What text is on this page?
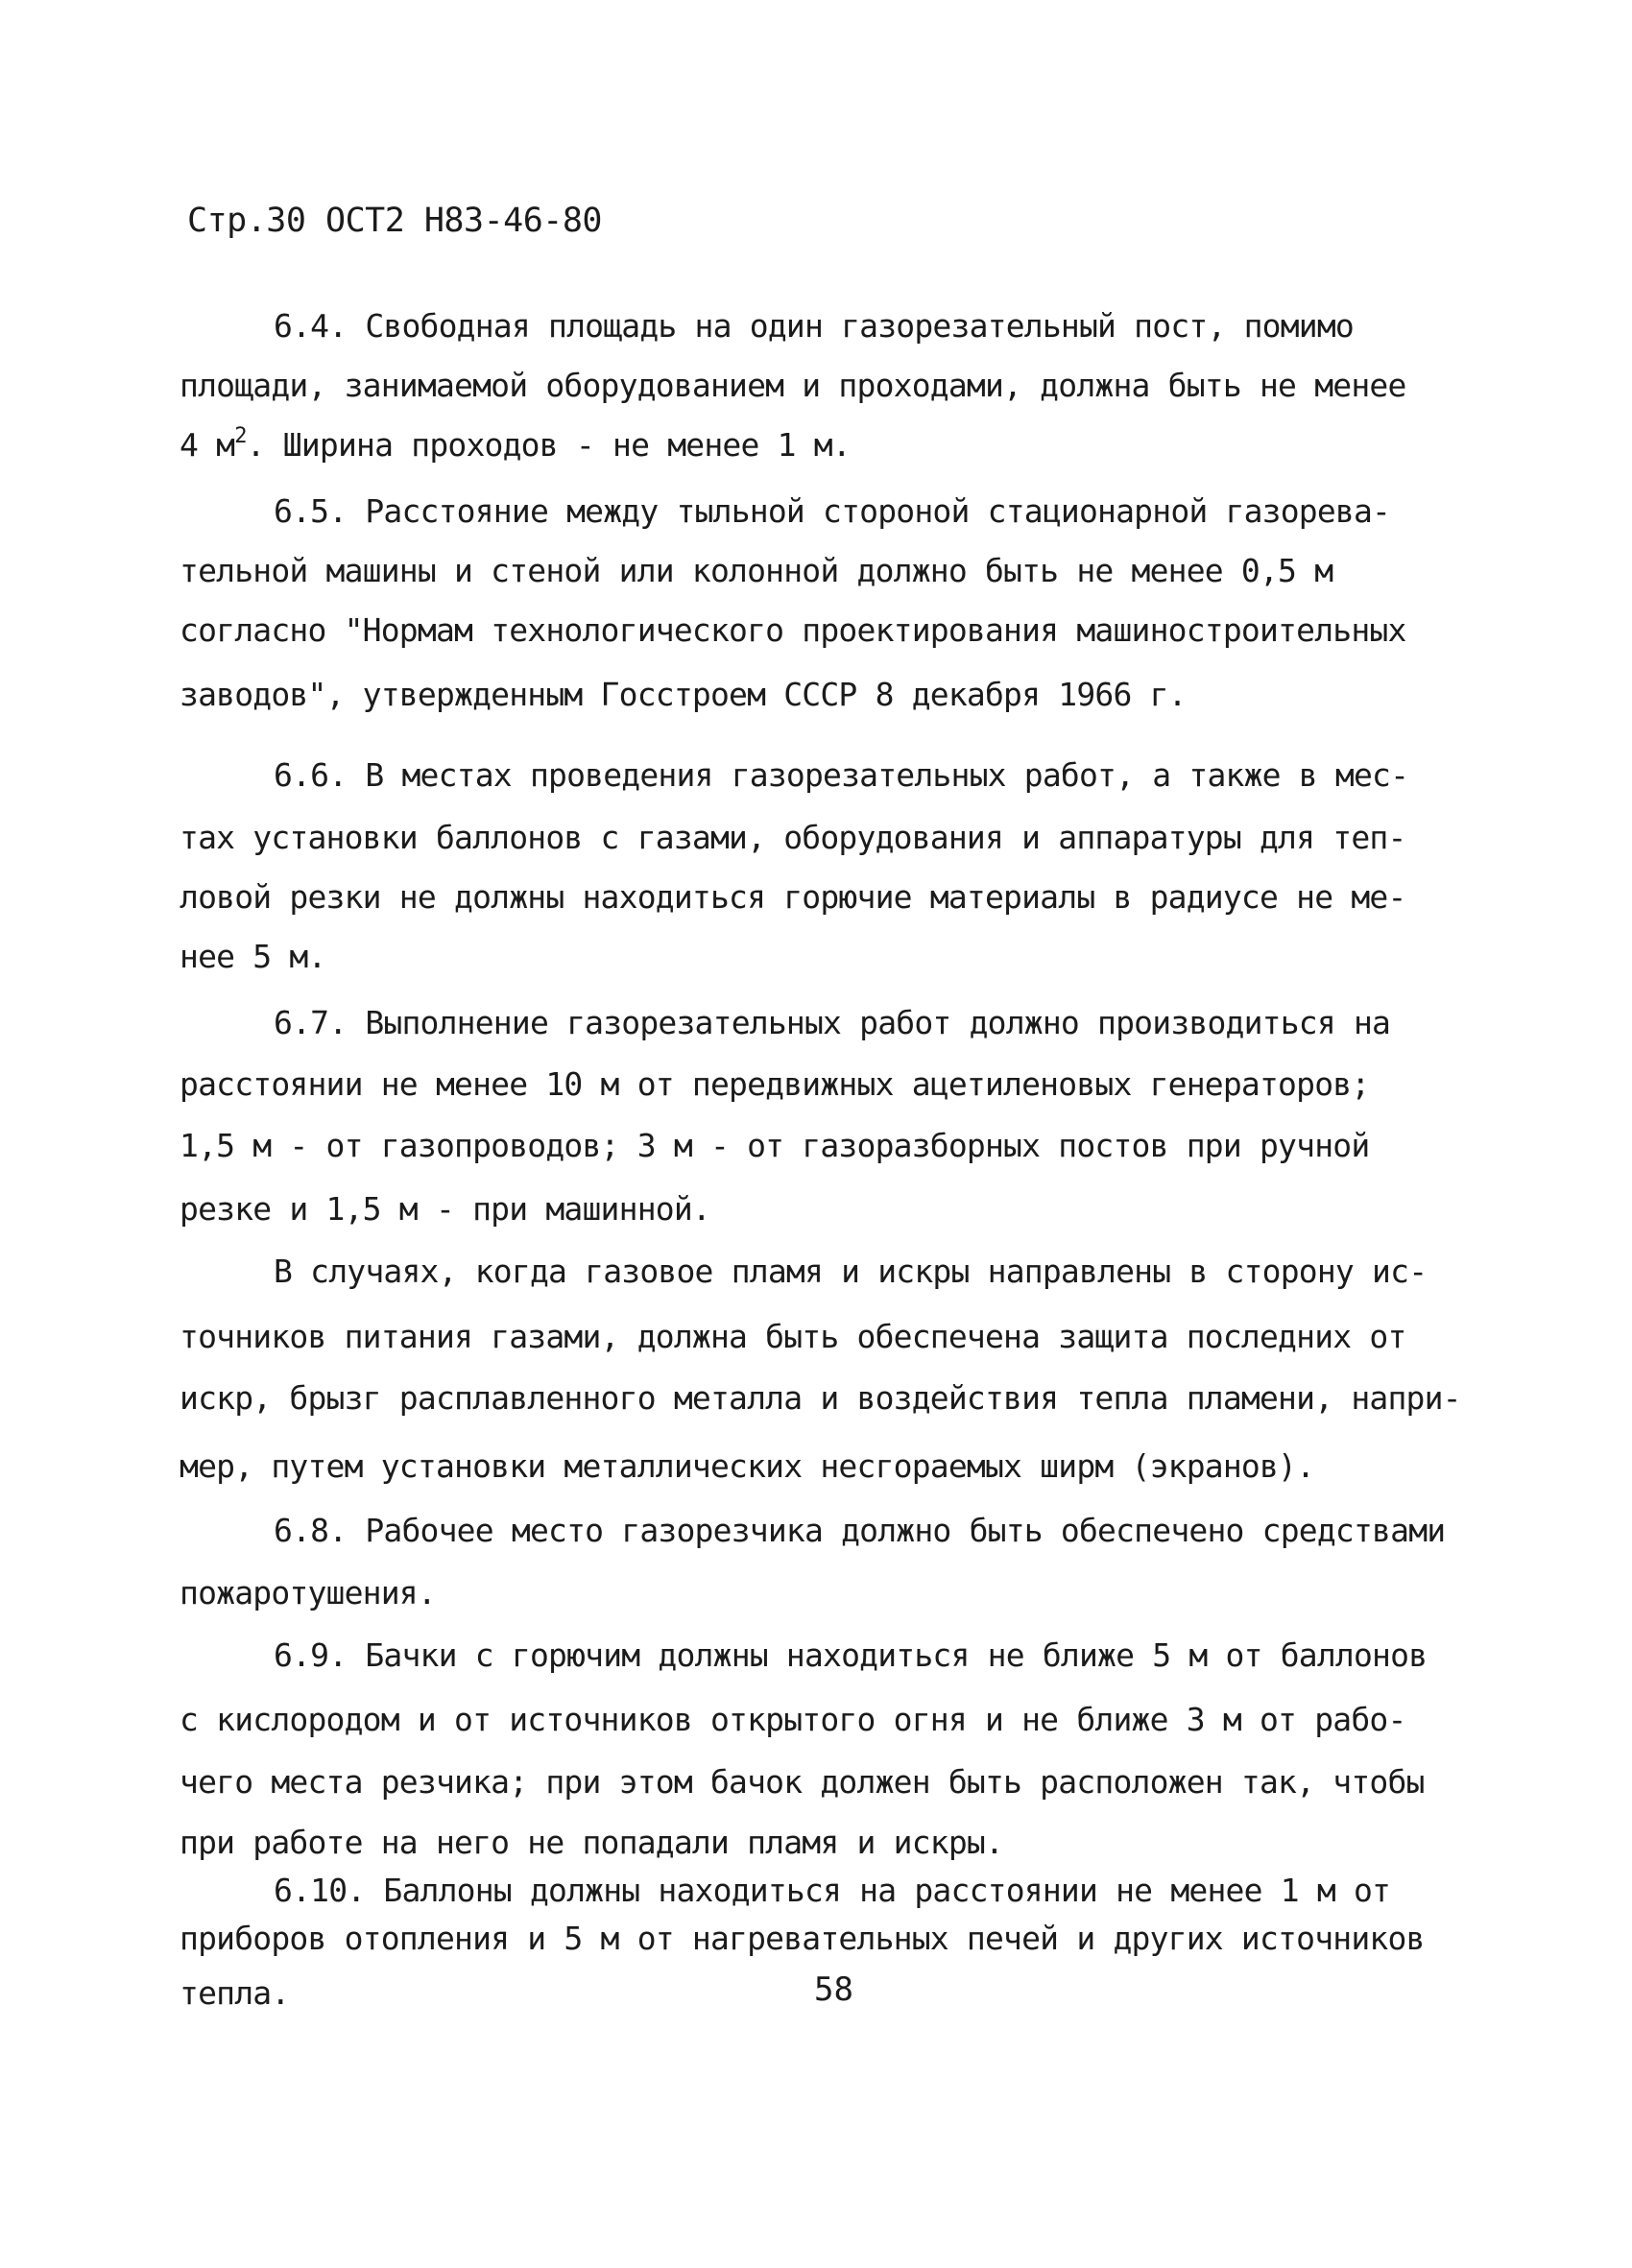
Стр.30 ОСТ2 Н83-46-80
6.4. Свободная площадь на один газорезательный пост, помимо
площади, занимаемой оборудованием и проходами, должна быть не менее
4 $м^2$. Ширина проходов - не менее 1 м.
6.5. Расстояние между тыльной стороной стационарной газорева-
тельной машины и стеной или колонной должно быть не менее 0,5 м
согласно "Нормам технологического проектирования машиностроительных
заводов", утвержденным Госстроем СССР 8 декабря 1966 г.
6.6. В местах проведения газорезательных работ, а также в мес-
тах установки баллонов с газами, оборудования и аппаратуры для теп-
ловой резки не должны находиться горючие материалы в радиусе не ме-
нее 5 м.
6.7. Выполнение газорезательных работ должно производиться на
расстоянии не менее 10 м от передвижных ацетиленовых генераторов;
1,5 м - от газопроводов; 3 м - от газоразборных постов при ручной
резке и 1,5 м - при машинной.
В случаях, когда газовое пламя и искры направлены в сторону ис-
точников питания газами, должна быть обеспечена защита последних от
искр, брызг расплавленного металла и воздействия тепла пламени, напри-
мер, путем установки металлических несгораемых ширм (экранов).
6.8. Рабочее место газорезчика должно быть обеспечено средствами
пожаротушения.
6.9. Бачки с горючим должны находиться не ближе 5 м от баллонов
с кислородом и от источников открытого огня и не ближе 3 м от рабо-
чего места резчика; при этом бачок должен быть расположен так, чтобы
при работе на него не попадали пламя и искры.
6.10. Баллоны должны находиться на расстоянии не менее 1 м от
приборов отопления и 5 м от нагревательных печей и других источников
тепла.	58
